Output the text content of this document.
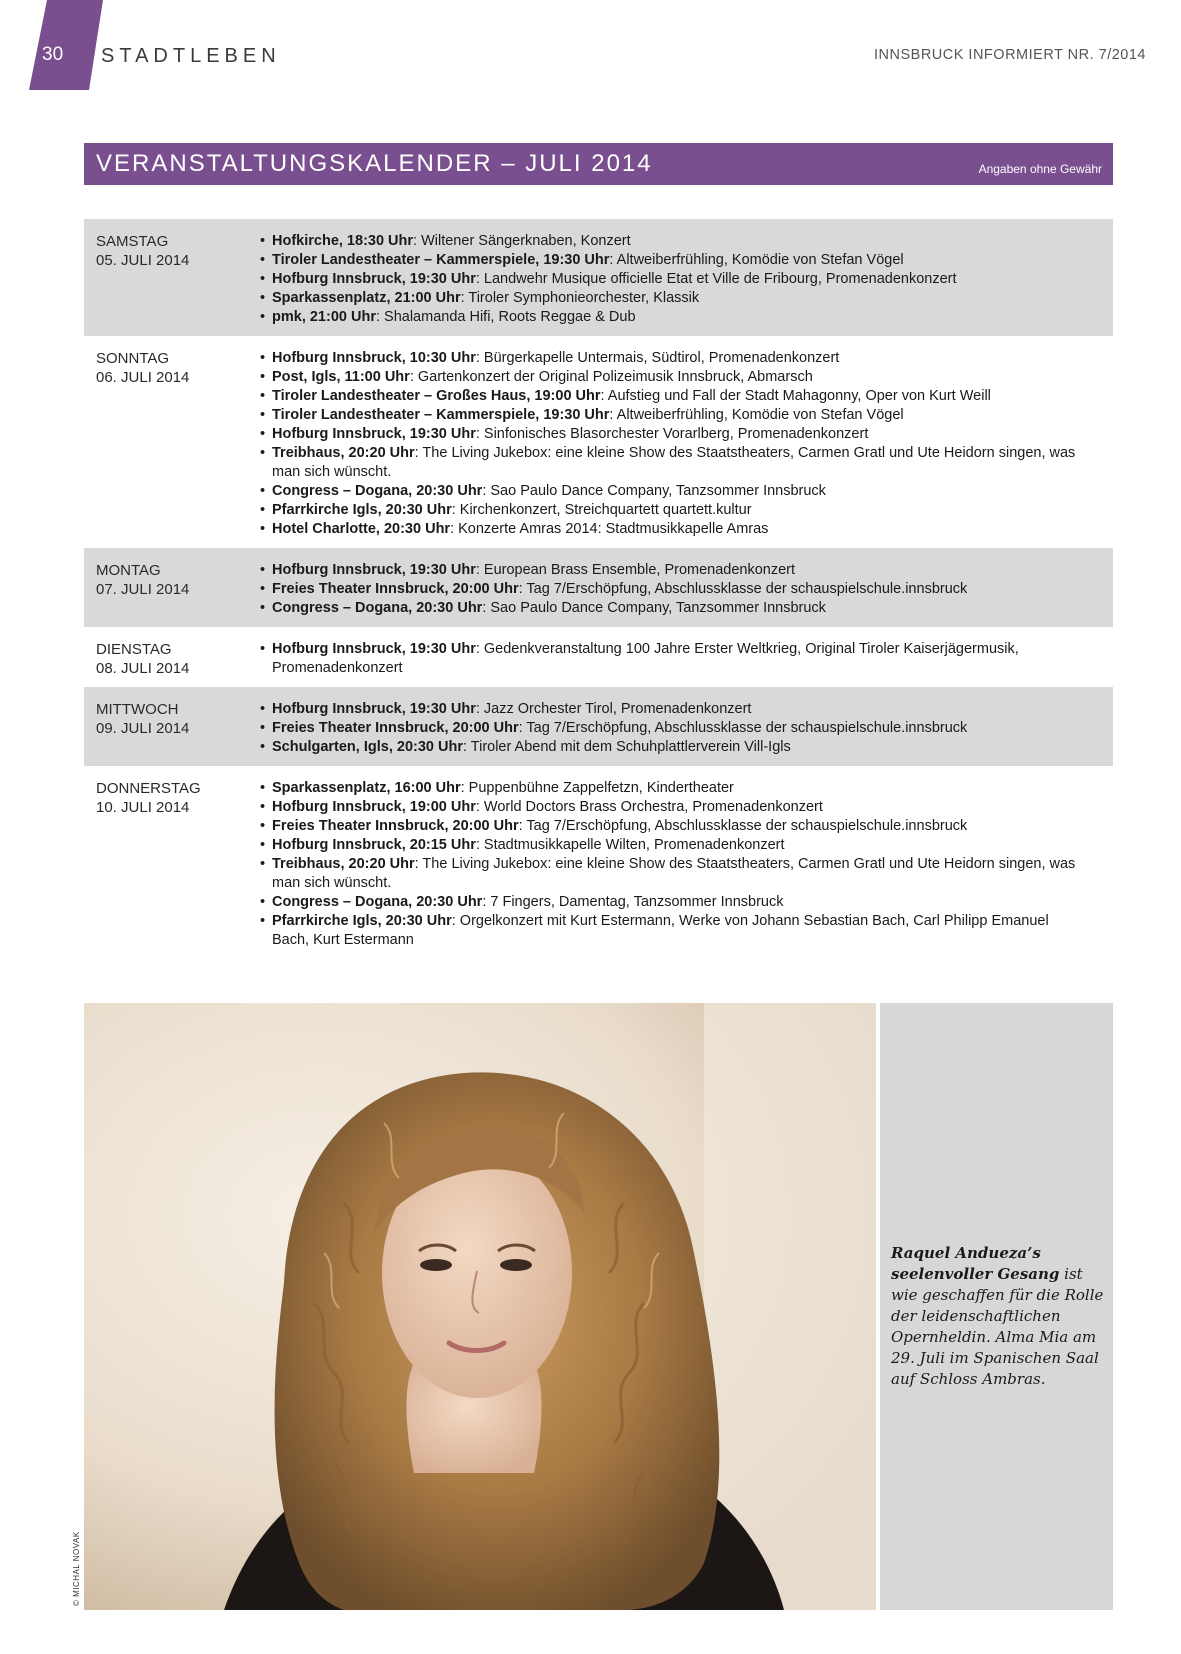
30 STADTLEBEN	INNSBRUCK INFORMIERT NR. 7/2014
VERANSTALTUNGSKALENDER – JULI 2014	Angaben ohne Gewähr
SAMSTAG
05. JULI 2014
• Hofkirche, 18:30 Uhr: Wiltener Sängerknaben, Konzert
• Tiroler Landestheater – Kammerspiele, 19:30 Uhr: Altweiberfrühling, Komödie von Stefan Vögel
• Hofburg Innsbruck, 19:30 Uhr: Landwehr Musique officielle Etat et Ville de Fribourg, Promenadenkonzert
• Sparkassenplatz, 21:00 Uhr: Tiroler Symphonieorchester, Klassik
• pmk, 21:00 Uhr: Shalamanda Hifi, Roots Reggae & Dub
SONNTAG
06. JULI 2014
• Hofburg Innsbruck, 10:30 Uhr: Bürgerkapelle Untermais, Südtirol, Promenadenkonzert
• Post, Igls, 11:00 Uhr: Gartenkonzert der Original Polizeimusik Innsbruck, Abmarsch
• Tiroler Landestheater – Großes Haus, 19:00 Uhr: Aufstieg und Fall der Stadt Mahagonny, Oper von Kurt Weill
• Tiroler Landestheater – Kammerspiele, 19:30 Uhr: Altweiberfrühling, Komödie von Stefan Vögel
• Hofburg Innsbruck, 19:30 Uhr: Sinfonisches Blasorchester Vorarlberg, Promenadenkonzert
• Treibhaus, 20:20 Uhr: The Living Jukebox: eine kleine Show des Staatstheaters, Carmen Gratl und Ute Heidorn singen, was man sich wünscht.
• Congress – Dogana, 20:30 Uhr: Sao Paulo Dance Company, Tanzsommer Innsbruck
• Pfarrkirche Igls, 20:30 Uhr: Kirchenkonzert, Streichquartett quartett.kultur
• Hotel Charlotte, 20:30 Uhr: Konzerte Amras 2014: Stadtmusikkapelle Amras
MONTAG
07. JULI 2014
• Hofburg Innsbruck, 19:30 Uhr: European Brass Ensemble, Promenadenkonzert
• Freies Theater Innsbruck, 20:00 Uhr: Tag 7/Erschöpfung, Abschlussklasse der schauspielschule.innsbruck
• Congress – Dogana, 20:30 Uhr: Sao Paulo Dance Company, Tanzsommer Innsbruck
DIENSTAG
08. JULI 2014
• Hofburg Innsbruck, 19:30 Uhr: Gedenkveranstaltung 100 Jahre Erster Weltkrieg, Original Tiroler Kaiserjägermusik, Promenadenkonzert
MITTWOCH
09. JULI 2014
• Hofburg Innsbruck, 19:30 Uhr: Jazz Orchester Tirol, Promenadenkonzert
• Freies Theater Innsbruck, 20:00 Uhr: Tag 7/Erschöpfung, Abschlussklasse der schauspielschule.innsbruck
• Schulgarten, Igls, 20:30 Uhr: Tiroler Abend mit dem Schuhplattlerverein Vill-Igls
DONNERSTAG
10. JULI 2014
• Sparkassenplatz, 16:00 Uhr: Puppenbühne Zappelfetzn, Kindertheater
• Hofburg Innsbruck, 19:00 Uhr: World Doctors Brass Orchestra, Promenadenkonzert
• Freies Theater Innsbruck, 20:00 Uhr: Tag 7/Erschöpfung, Abschlussklasse der schauspielschule.innsbruck
• Hofburg Innsbruck, 20:15 Uhr: Stadtmusikkapelle Wilten, Promenadenkonzert
• Treibhaus, 20:20 Uhr: The Living Jukebox: eine kleine Show des Staatstheaters, Carmen Gratl und Ute Heidorn singen, was man sich wünscht.
• Congress – Dogana, 20:30 Uhr: 7 Fingers, Damentag, Tanzsommer Innsbruck
• Pfarrkirche Igls, 20:30 Uhr: Orgelkonzert mit Kurt Estermann, Werke von Johann Sebastian Bach, Carl Philipp Emanuel Bach, Kurt Estermann
Raquel Andueza’s seelenvoller Gesang ist wie geschaffen für die Rolle der leidenschaftlichen Opernheldin. Alma Mia am 29. Juli im Spanischen Saal auf Schloss Ambras.
© MICHAL NOVAK
